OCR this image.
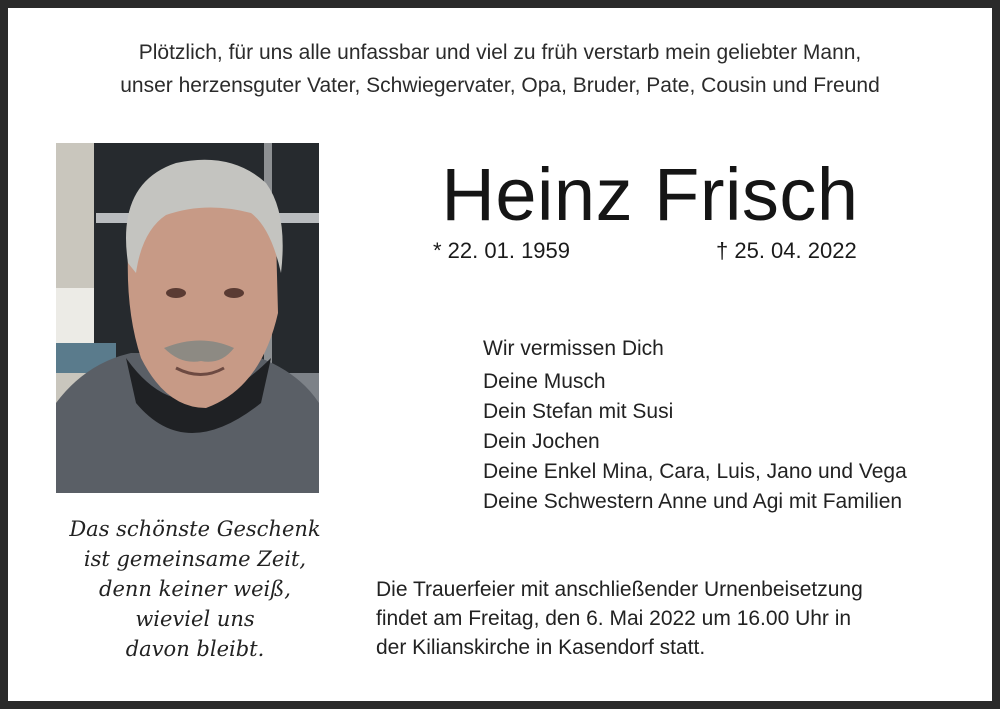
Plötzlich, für uns alle unfassbar und viel zu früh verstarb mein geliebter Mann,
unser herzensguter Vater, Schwiegervater, Opa, Bruder, Pate, Cousin und Freund
Heinz Frisch
* 22. 01. 1959	† 25. 04. 2022
Wir vermissen Dich
Deine Musch
Dein Stefan mit Susi
Dein Jochen
Deine Enkel Mina, Cara, Luis, Jano und Vega
Deine Schwestern Anne und Agi mit Familien
Das schönste Geschenk
ist gemeinsame Zeit,
denn keiner weiß,
wieviel uns
davon bleibt.
Die Trauerfeier mit anschließender Urnenbeisetzung
findet am Freitag, den 6. Mai 2022 um 16.00 Uhr in
der Kilianskirche in Kasendorf statt.
